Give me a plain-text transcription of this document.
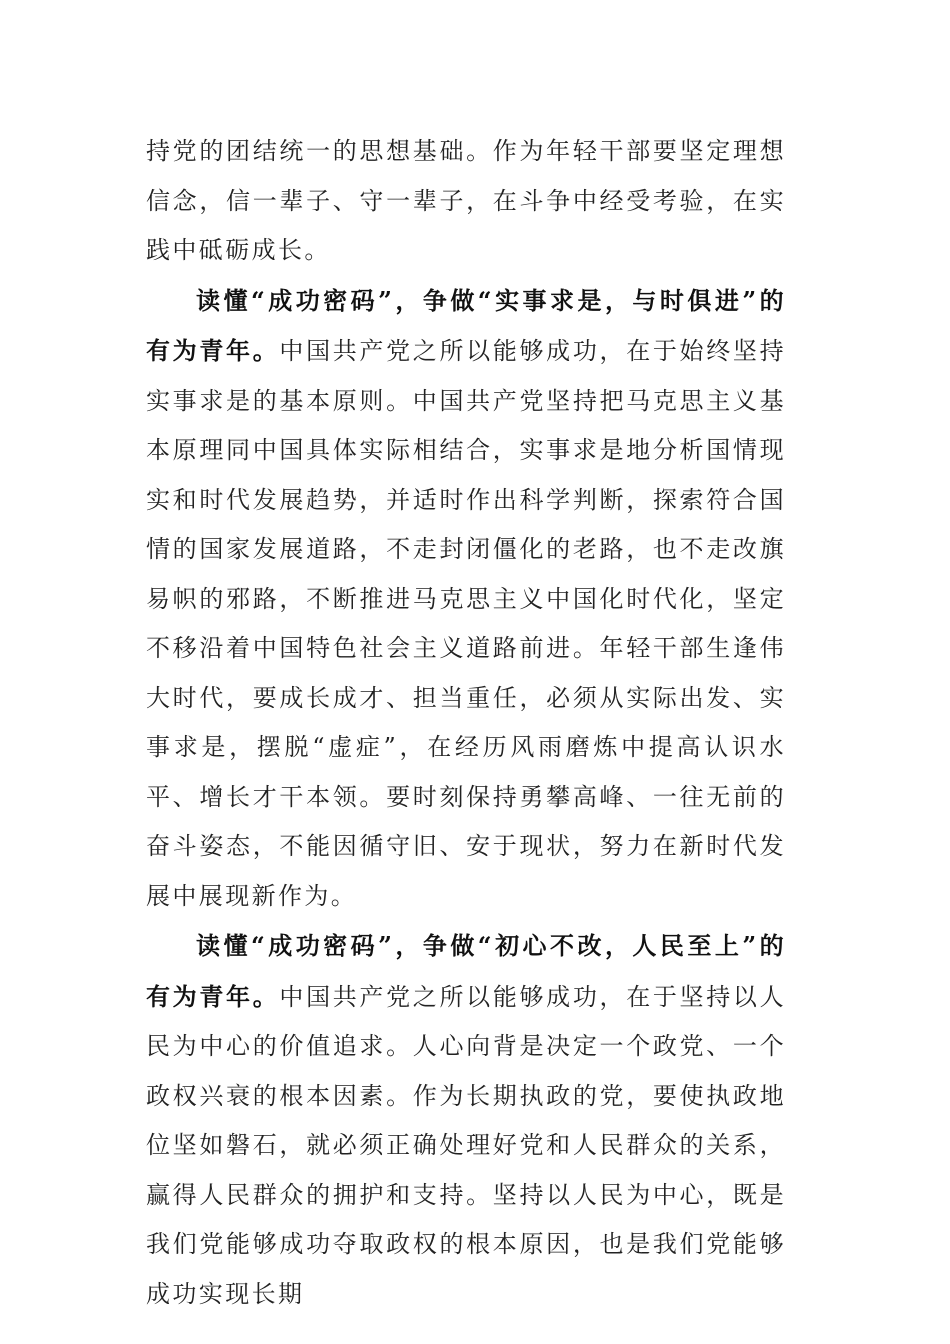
持党的团结统一的思想基础。作为年轻干部要坚定理想信念，信一辈子、守一辈子，在斗争中经受考验，在实践中砥砺成长。

读懂“成功密码”，争做“实事求是，与时俱进”的有为青年。中国共产党之所以能够成功，在于始终坚持实事求是的基本原则。中国共产党坚持把马克思主义基本原理同中国具体实际相结合，实事求是地分析国情现实和时代发展趋势，并适时作出科学判断，探索符合国情的国家发展道路，不走封闭僵化的老路，也不走改旗易帜的邪路，不断推进马克思主义中国化时代化，坚定不移沿着中国特色社会主义道路前进。年轻干部生逢伟大时代，要成长成才、担当重任，必须从实际出发、实事求是，摆脱“虚症”，在经历风雨磨炼中提高认识水平、增长才干本领。要时刻保持勇攀高峰、一往无前的奋斗姿态，不能因循守旧、安于现状，努力在新时代发展中展现新作为。

读懂“成功密码”，争做“初心不改，人民至上”的有为青年。中国共产党之所以能够成功，在于坚持以人民为中心的价值追求。人心向背是决定一个政党、一个政权兴衰的根本因素。作为长期执政的党，要使执政地位坚如磐石，就必须正确处理好党和人民群众的关系，赢得人民群众的拥护和支持。坚持以人民为中心，既是我们党能够成功夺取政权的根本原因，也是我们党能够成功实现长期
